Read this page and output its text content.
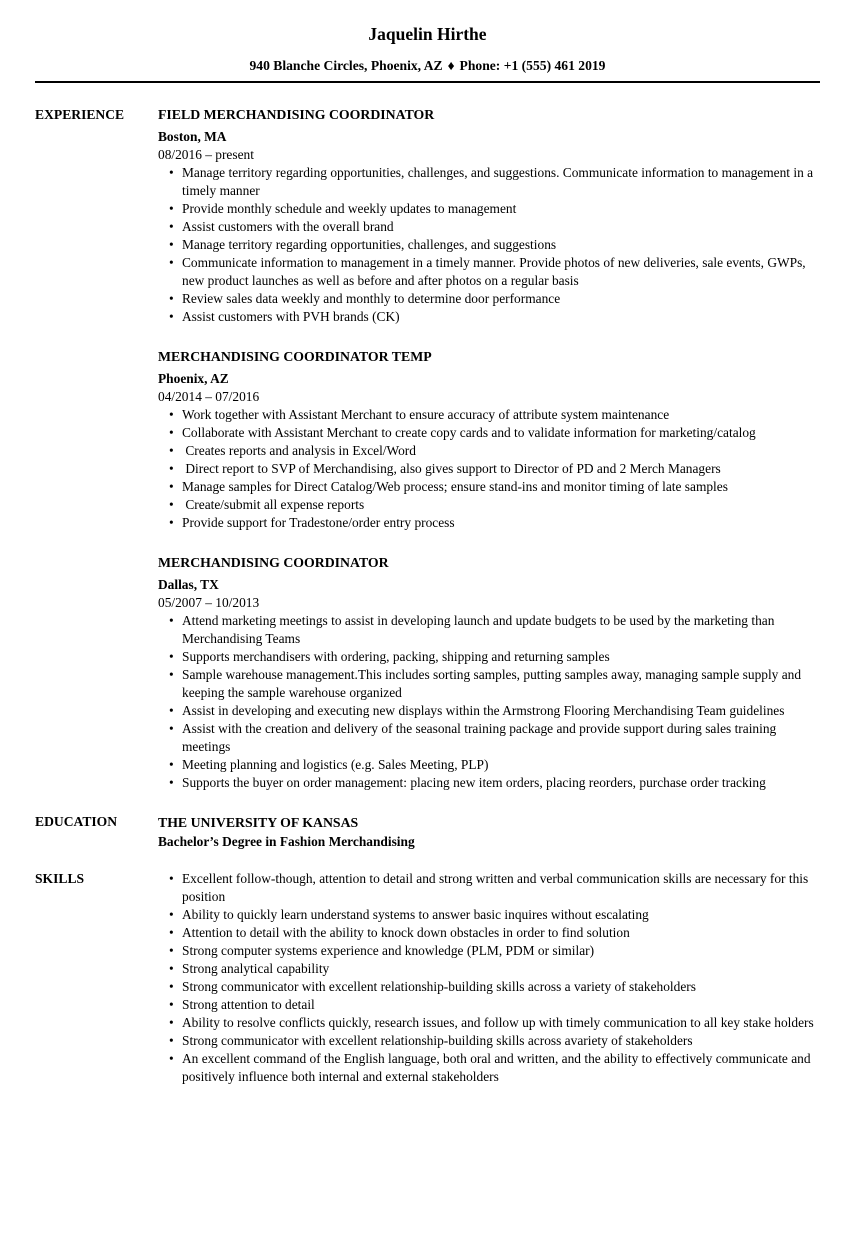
Jaquelin Hirthe
940 Blanche Circles, Phoenix, AZ ♦ Phone: +1 (555) 461 2019
EXPERIENCE	FIELD MERCHANDISING COORDINATOR
Boston, MA
08/2016 – present
• Manage territory regarding opportunities, challenges, and suggestions. Communicate information to management in a timely manner
• Provide monthly schedule and weekly updates to management
• Assist customers with the overall brand
• Manage territory regarding opportunities, challenges, and suggestions
• Communicate information to management in a timely manner. Provide photos of new deliveries, sale events, GWPs, new product launches as well as before and after photos on a regular basis
• Review sales data weekly and monthly to determine door performance
• Assist customers with PVH brands (CK)
MERCHANDISING COORDINATOR TEMP
Phoenix, AZ
04/2014 – 07/2016
• Work together with Assistant Merchant to ensure accuracy of attribute system maintenance
• Collaborate with Assistant Merchant to create copy cards and to validate information for marketing/catalog
•  Creates reports and analysis in Excel/Word
•  Direct report to SVP of Merchandising, also gives support to Director of PD and 2 Merch Managers
• Manage samples for Direct Catalog/Web process; ensure stand-ins and monitor timing of late samples
•  Create/submit all expense reports
• Provide support for Tradestone/order entry process
MERCHANDISING COORDINATOR
Dallas, TX
05/2007 – 10/2013
• Attend marketing meetings to assist in developing launch and update budgets to be used by the marketing than Merchandising Teams
• Supports merchandisers with ordering, packing, shipping and returning samples
• Sample warehouse management.This includes sorting samples, putting samples away, managing sample supply and keeping the sample warehouse organized
• Assist in developing and executing new displays within the Armstrong Flooring Merchandising Team guidelines
• Assist with the creation and delivery of the seasonal training package and provide support during sales training meetings
• Meeting planning and logistics (e.g. Sales Meeting, PLP)
• Supports the buyer on order management: placing new item orders, placing reorders, purchase order tracking
EDUCATION	THE UNIVERSITY OF KANSAS
Bachelor’s Degree in Fashion Merchandising
SKILLS	• Excellent follow-though, attention to detail and strong written and verbal communication skills are necessary for this position
• Ability to quickly learn understand systems to answer basic inquires without escalating
• Attention to detail with the ability to knock down obstacles in order to find solution
• Strong computer systems experience and knowledge (PLM, PDM or similar)
• Strong analytical capability
• Strong communicator with excellent relationship-building skills across a variety of stakeholders
• Strong attention to detail
• Ability to resolve conflicts quickly, research issues, and follow up with timely communication to all key stake holders
• Strong communicator with excellent relationship-building skills across avariety of stakeholders
• An excellent command of the English language, both oral and written, and the ability to effectively communicate and positively influence both internal and external stakeholders
